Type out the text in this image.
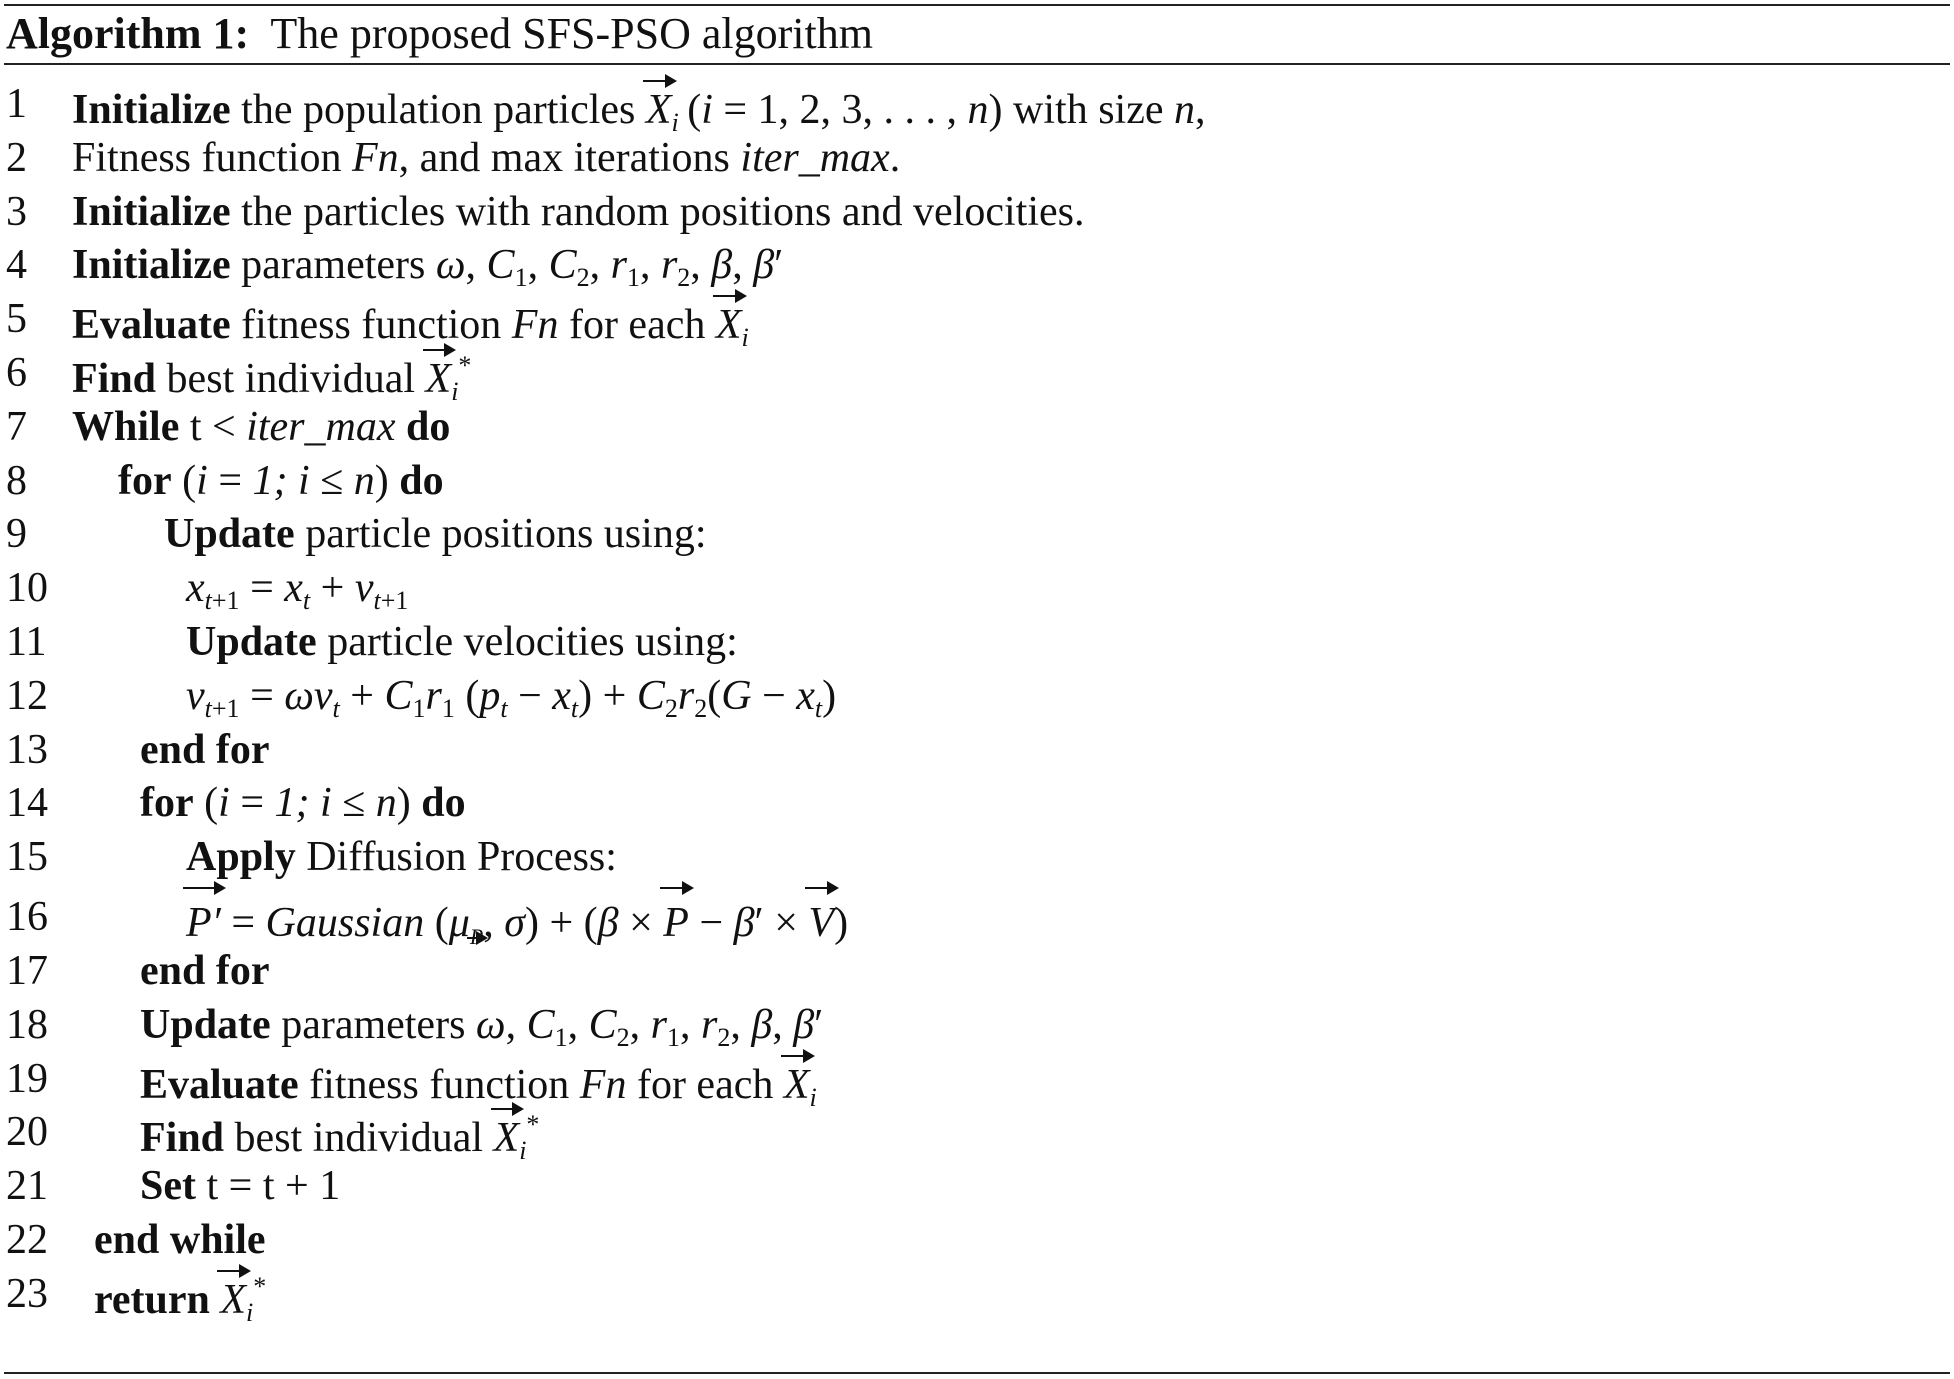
Algorithm 1: The proposed SFS-PSO algorithm
1 Initialize the population particles $X_i$ (i = 1, 2, 3, . . . , n) with size n,
2 Fitness function Fn, and max iterations iter_max.
3 Initialize the particles with random positions and velocities.
4 Initialize parameters ω, $C_1$, $C_2$, $r_1$, $r_2$, β, β′
5 Evaluate fitness function Fn for each $X_i$
6 Find best individual $X_i^*$
7 While t < iter_max do
8 for (i = 1; i ≤ n) do
9	Update particle positions using:
10	$x_{t+1} = x_t + v_{t+1}$
11	Update particle velocities using:
12	$v_{t+1} = \omega v_t + C_1r_1$ $(p_t - x_t) + C_2r_2(G - x_t)$
13 end for
14 for (i = 1; i ≤ n) do
15	Apply Diffusion Process:
16	P′ = Gaussian ($\mu_P$, σ) + (β × P − β′ × V)
17 end for
18 Update parameters ω, $C_1$, $C_2$, $r_1$, $r_2$, β, β′
19 Evaluate fitness function Fn for each $X_i$
20 Find best individual $X_i^*$
21 Set t = t + 1
22 end while
23 return $X_i^*$
